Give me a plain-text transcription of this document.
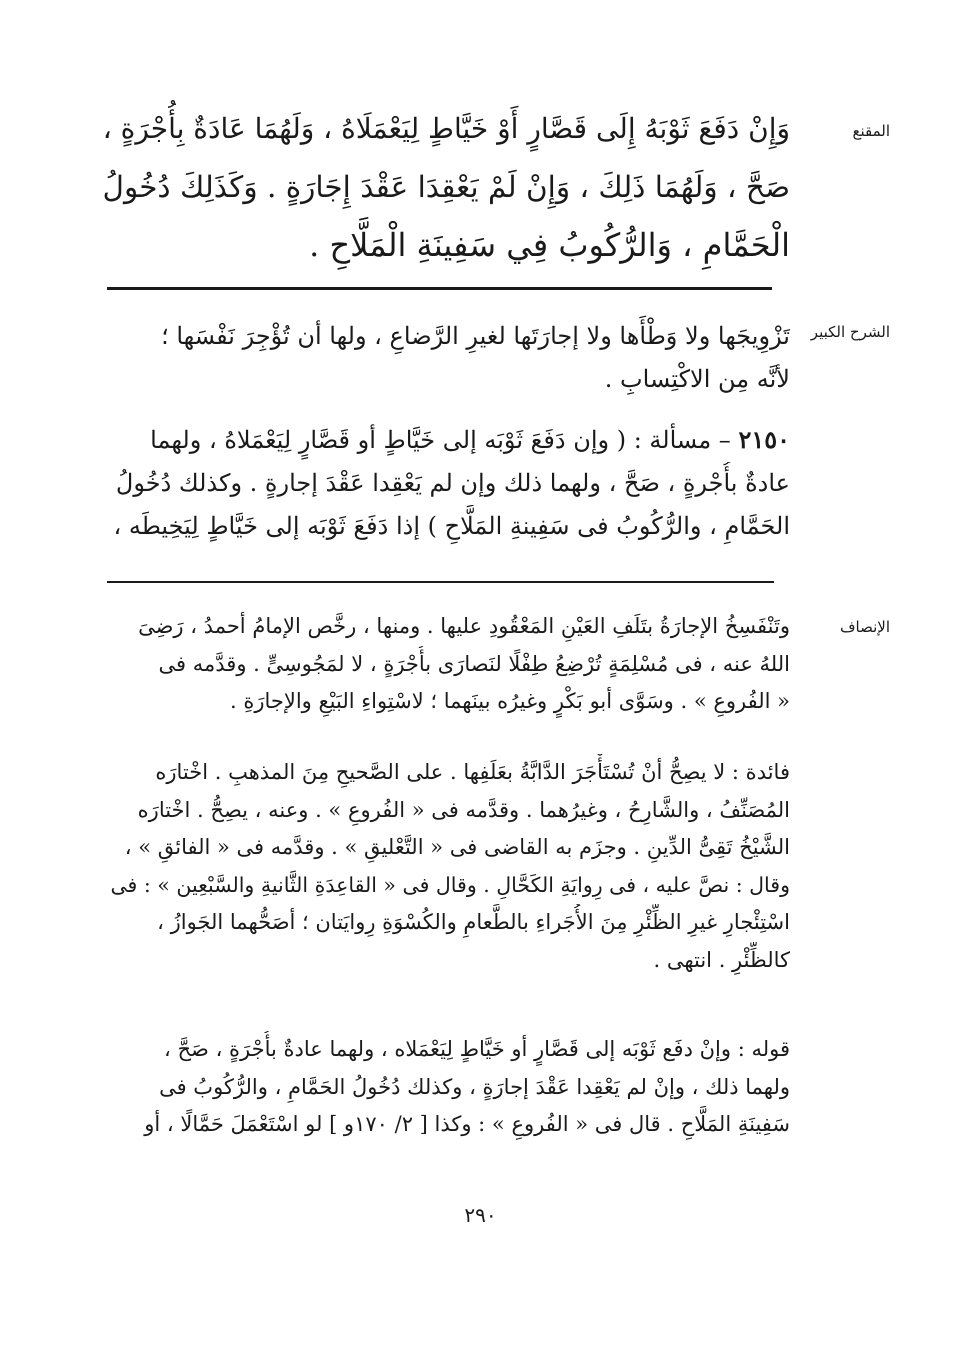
المقنع
وَإِنْ دَفَعَ ثَوْبَهُ إِلَى قَصَّارٍ أَوْ خَيَّاطٍ لِيَعْمَلَاهُ ، وَلَهُمَا عَادَةٌ بِأُجْرَةٍ ،
صَحَّ ، وَلَهُمَا ذَلِكَ ، وَإِنْ لَمْ يَعْقِدَا عَقْدَ إِجَارَةٍ . وَكَذَلِكَ دُخُولُ
الْحَمَّامِ ، وَالرُّكُوبُ فِي سَفِينَةِ الْمَلَّاحِ .
الشرح الكبير
تَزْوِيجَها ولا وَطْأَها ولا إجارَتَها لغيرِ الرَّضاعِ ، ولها أن تُؤْجِرَ نَفْسَها ؛
لأنَّه مِن الاكْتِسابِ .
٢١٥٠ – مسألة : ( وإن دَفَعَ ثَوْبَه إلى خَيَّاطٍ أو قَصَّارٍ لِيَعْمَلاهُ ، ولهما
عادةٌ بأُجْرةٍ ، صَحَّ ، ولهما ذلك وإن لم يَعْقِدا عَقْدَ إجارةٍ . وكذلك دُخُولُ
الحَمَّامِ ، والرُّكُوبُ فى سَفِينةِ المَلَّاحِ ) إذا دَفَعَ ثَوْبَه إلى خَيَّاطٍ لِيَخِيطَه ،
الإنصاف
وتَنْفَسِخُ الإجارَةُ بتَلَفِ العَيْنِ المَعْقُودِ عليها . ومنها ، رخَّص الإمامُ أحمدُ ، رَضِىَ
اللهُ عنه ، فى مُسْلِمَةٍ تُرْضِعُ طِفْلًا لنَصارَى بأُجْرَةٍ ، لا لمَجُوسِىٍّ . وقدَّمه فى
« الفُروعِ » . وسَوَّى أبو بَكْرٍ وغيرُه بينَهما ؛ لاسْتِواءِ البَيْعِ والإجارَةِ .
فائدة : لا يصِحُّ أنْ تُسْتَأْجَرَ الدَّابَّةُ بعَلَفِها . على الصَّحيحِ مِنَ المذهبِ . اخْتارَه
المُصَنِّفُ ، والشَّارِحُ ، وغيرُهما . وقدَّمه فى « الفُروعِ » . وعنه ، يصِحُّ . اخْتارَه
الشَّيْخُ تَقِىُّ الدِّينِ . وجزَم به القاضى فى « التَّعْليقِ » . وقدَّمه فى « الفائقِ » ،
وقال : نصَّ عليه ، فى رِوايَةِ الكَحَّالِ . وقال فى « القاعِدَةِ الثَّانيةِ والسَّبْعِين » : فى
اسْتِئْجارِ غيرِ الظِّئْرِ مِنَ الأُجَراءِ بالطَّعامِ والكُسْوَةِ رِوايَتان ؛ أصَحُّهما الجَوازُ ،
كالظِّئْرِ . انتهى .
قوله : وإنْ دفَع ثَوْبَه إلى قَصَّارٍ أو خَيَّاطٍ لِيَعْمَلاه ، ولهما عادةٌ بأُجْرَةٍ ، صَحَّ ،
ولهما ذلك ، وإنْ لم يَعْقِدا عَقْدَ إجارَةٍ ، وكذلك دُخُولُ الحَمَّامِ ، والرُّكُوبُ فى
سَفِينَةِ المَلَّاحِ . قال فى « الفُروعِ » : وكذا [ ٢/ ١٧٠و ] لو اسْتَعْمَلَ حَمَّالًا ، أو
٢٩٠
